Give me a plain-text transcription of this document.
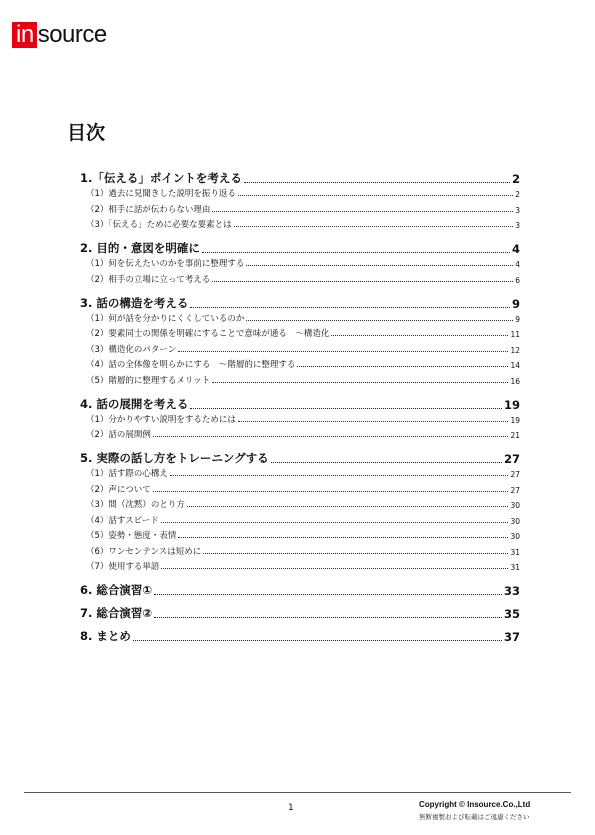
in source
目次
1.「伝える」ポイントを考える	2
（1）過去に見聞きした説明を振り返る	2
（2）相手に話が伝わらない理由	3
（3）「伝える」ために必要な要素とは	3
2. 目的・意図を明確に	4
（1）何を伝えたいのかを事前に整理する	4
（2）相手の立場に立って考える	6
3. 話の構造を考える	9
（1）何が話を分かりにくくしているのか	9
（2）要素同士の関係を明確にすることで意味が通る　～構造化	11
（3）構造化のパターン	12
（4）話の全体像を明らかにする　～階層的に整理する	14
（5）階層的に整理するメリット	16
4. 話の展開を考える	19
（1）分かりやすい説明をするためには	19
（2）話の展開例	21
5. 実際の話し方をトレーニングする	27
（1）話す際の心構え	27
（2）声について	27
（3）間（沈黙）のとり方	30
（4）話すスピード	30
（5）姿勢・態度・表情	30
（6）ワンセンテンスは短めに	31
（7）使用する単語	31
6. 総合演習①	33
7. 総合演習②	35
8. まとめ	37
1	Copyright © Insource.Co.,Ltd
無断複製および転載はご遠慮ください
